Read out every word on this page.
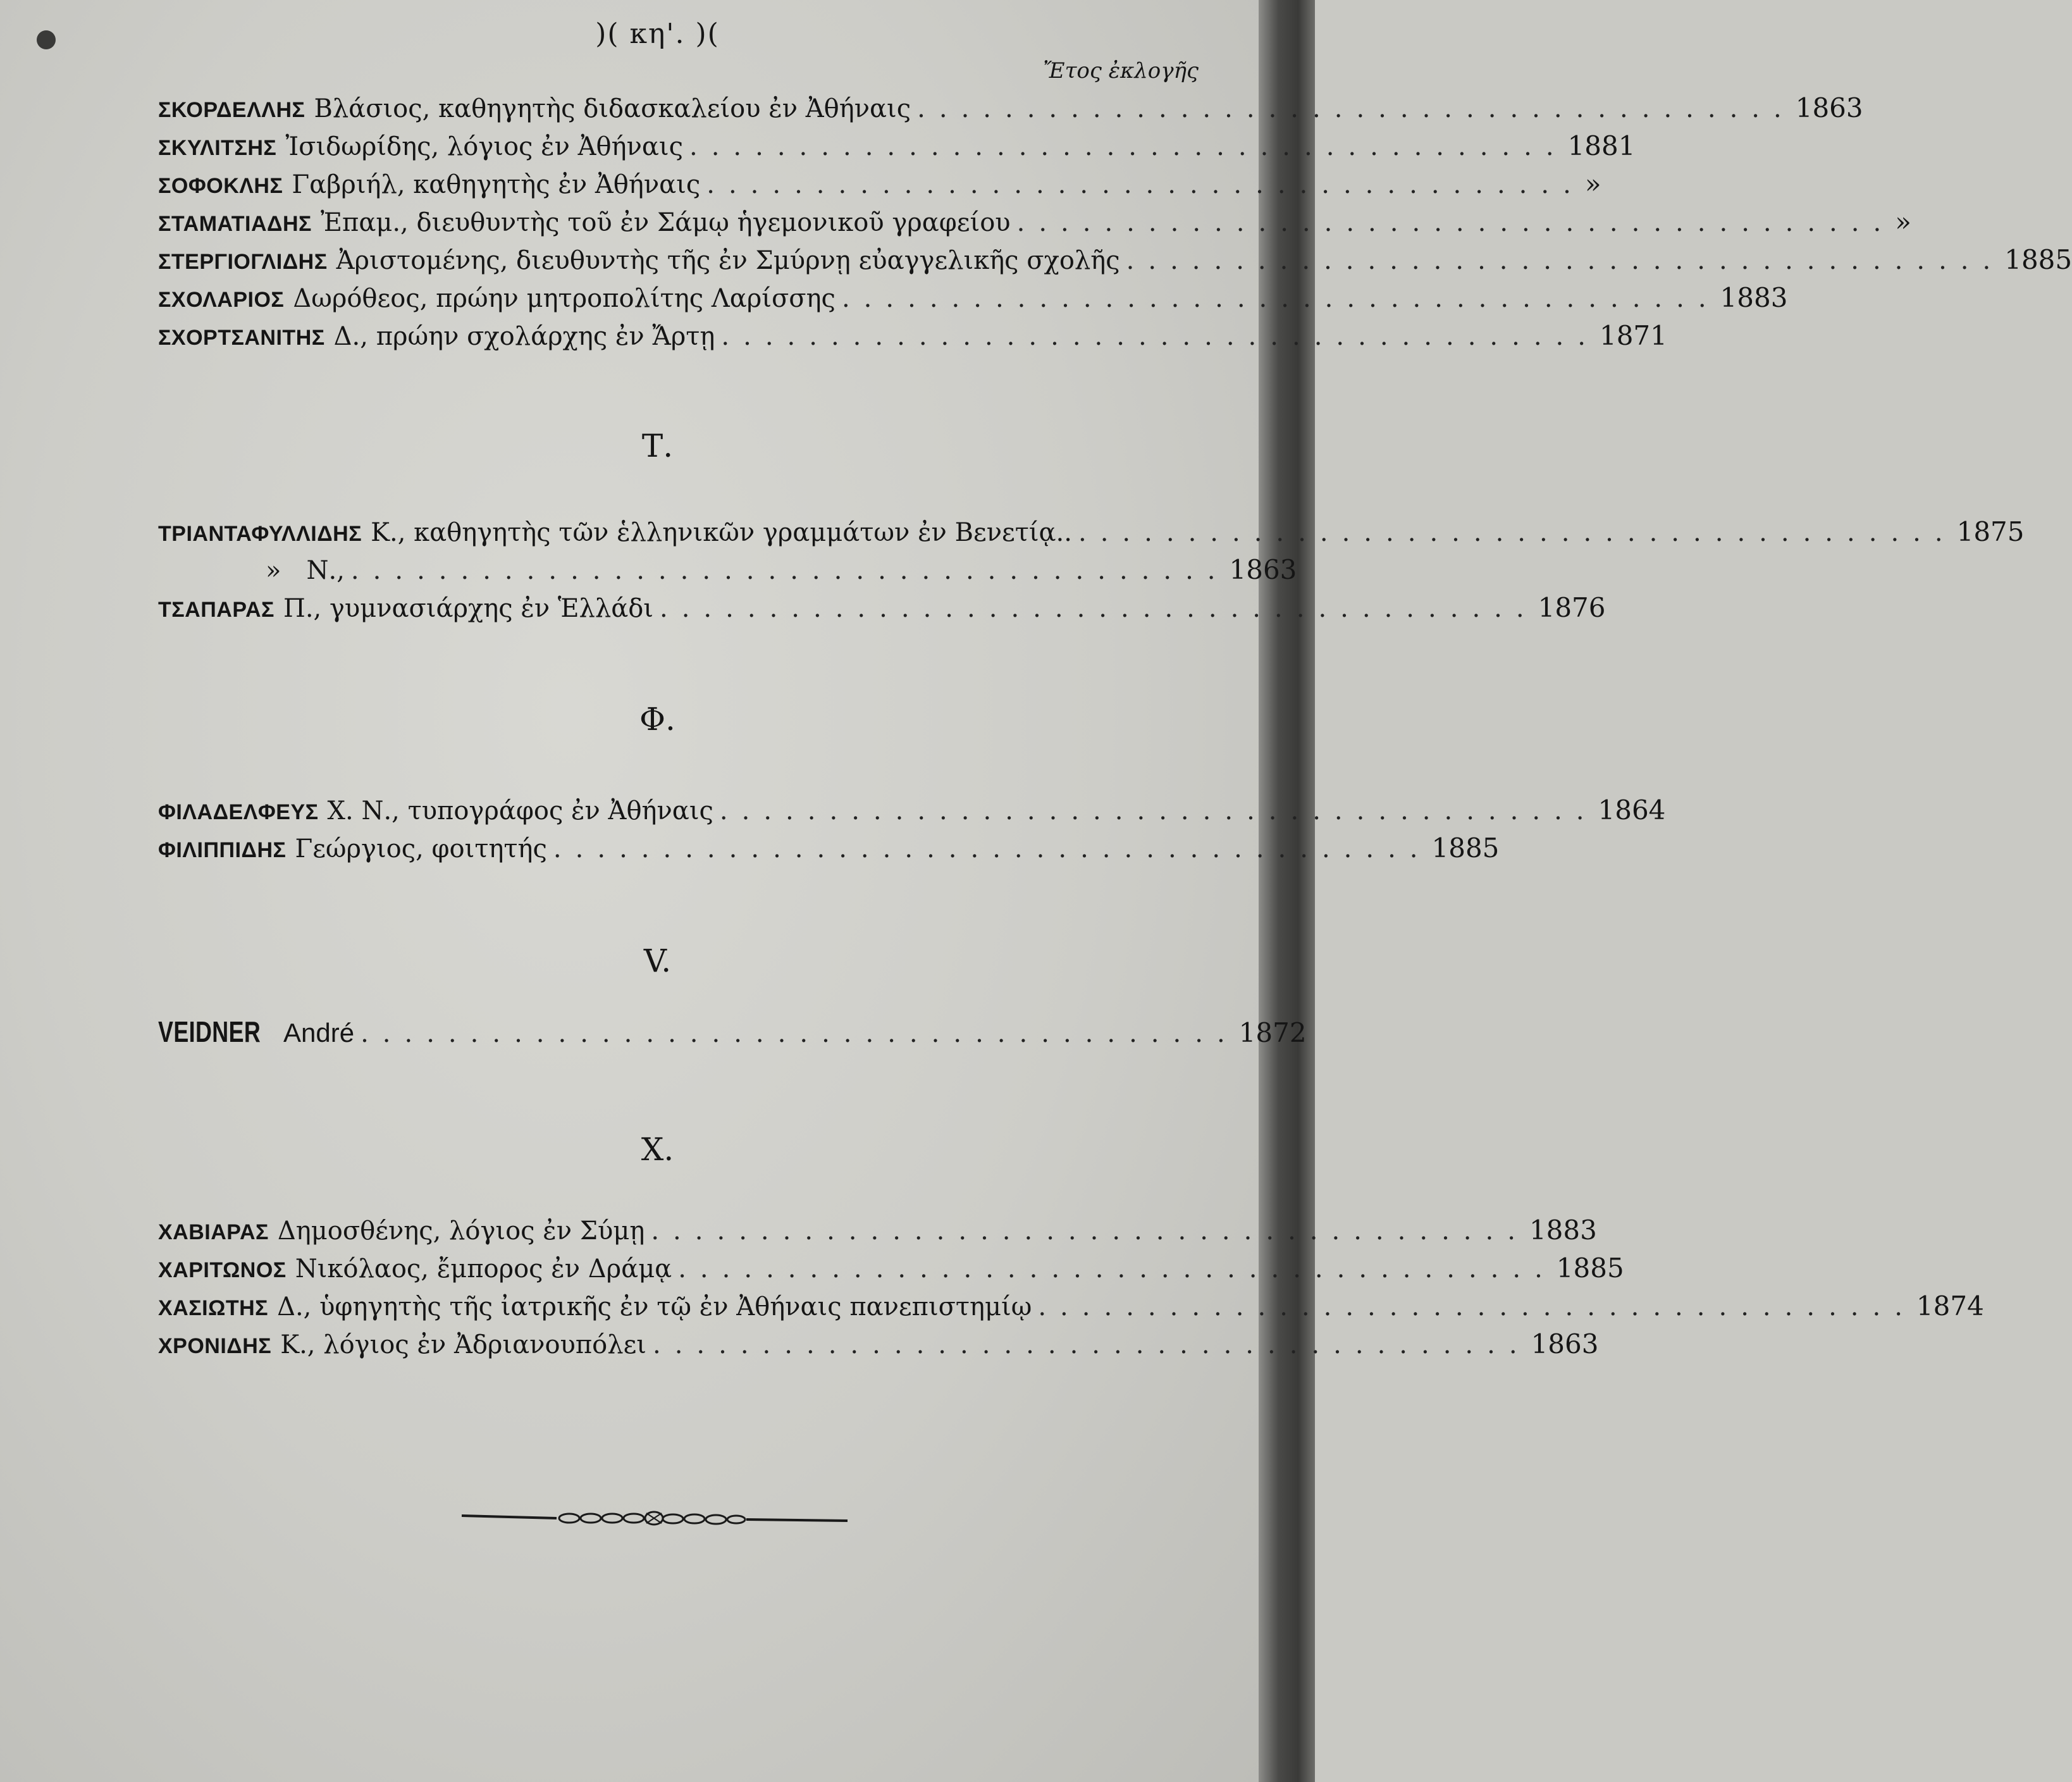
)( κη'. )(
Ἔτος ἐκλογῆς
ΣΚΟΡΔΕΛΛΗΣ Βλάσιος, καθηγητὴς διδασκαλείου ἐν Ἀθήναις ........................................ 1863
ΣΚΥΛΙΤΣΗΣ Ἰσιδωρίδης, λόγιος ἐν Ἀθήναις ........................................ 1881
ΣΟΦΟΚΛΗΣ Γαβριήλ, καθηγητὴς ἐν Ἀθήναις ........................................ »
ΣΤΑΜΑΤΙΑΔΗΣ Ἐπαμ., διευθυντὴς τοῦ ἐν Σάμῳ ἡγεμονικοῦ γραφείου ........................................ »
ΣΤΕΡΓΙΟΓΛΙΔΗΣ Ἀριστομένης, διευθυντὴς τῆς ἐν Σμύρνῃ εὐαγγελικῆς σχολῆς ........................................ 1885
ΣΧΟΛΑΡΙΟΣ Δωρόθεος, πρώην μητροπολίτης Λαρίσσης ........................................ 1883
ΣΧΟΡΤΣΑΝΙΤΗΣ Δ., πρώην σχολάρχης ἐν Ἄρτῃ ........................................ 1871
Τ.
ΤΡΙΑΝΤΑΦΥΛΛΙΔΗΣ Κ., καθηγητὴς τῶν ἑλληνικῶν γραμμάτων ἐν Βενετίᾳ.. ........................................ 1875
» Ν., ........................................ 1863
ΤΣΑΠΑΡΑΣ Π., γυμνασιάρχης ἐν Ἑλλάδι ........................................ 1876
Φ.
ΦΙΛΑΔΕΛΦΕΥΣ Χ. Ν., τυπογράφος ἐν Ἀθήναις ........................................ 1864
ΦΙΛΙΠΠΙΔΗΣ Γεώργιος, φοιτητής ........................................ 1885
V.
VEIDNER André ........................................ 1872
Χ.
ΧΑΒΙΑΡΑΣ Δημοσθένης, λόγιος ἐν Σύμῃ ........................................ 1883
ΧΑΡΙΤΩΝΟΣ Νικόλαος, ἔμπορος ἐν Δράμᾳ ........................................ 1885
ΧΑΣΙΩΤΗΣ Δ., ὑφηγητὴς τῆς ἰατρικῆς ἐν τῷ ἐν Ἀθήναις πανεπιστημίῳ ........................................ 1874
ΧΡΟΝΙΔΗΣ Κ., λόγιος ἐν Ἀδριανουπόλει ........................................ 1863
